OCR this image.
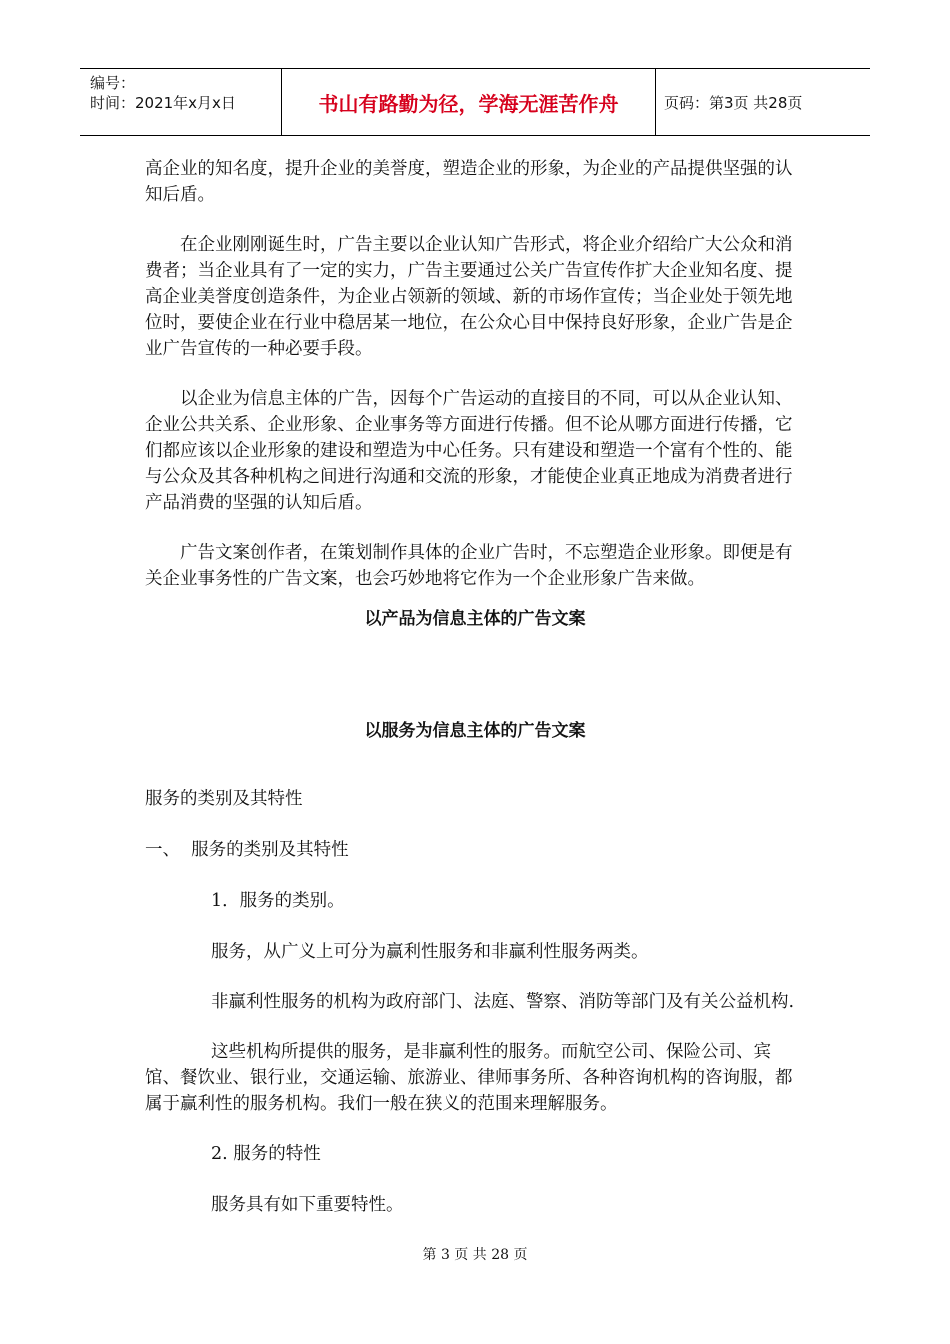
编号：
时间：2021年x月x日	书山有路勤为径，学海无涯苦作舟	页码：第3页 共28页

高企业的知名度，提升企业的美誉度，塑造企业的形象，为企业的产品提供坚强的认知后盾。

在企业刚刚诞生时，广告主要以企业认知广告形式，将企业介绍给广大公众和消费者；当企业具有了一定的实力，广告主要通过公关广告宣传作扩大企业知名度、提高企业美誉度创造条件，为企业占领新的领域、新的市场作宣传；当企业处于领先地位时，要使企业在行业中稳居某一地位，在公众心目中保持良好形象，企业广告是企业广告宣传的一种必要手段。

以企业为信息主体的广告，因每个广告运动的直接目的不同，可以从企业认知、企业公共关系、企业形象、企业事务等方面进行传播。但不论从哪方面进行传播，它们都应该以企业形象的建设和塑造为中心任务。只有建设和塑造一个富有个性的、能与公众及其各种机构之间进行沟通和交流的形象，才能使企业真正地成为消费者进行产品消费的坚强的认知后盾。

广告文案创作者，在策划制作具体的企业广告时，不忘塑造企业形象。即便是有关企业事务性的广告文案，也会巧妙地将它作为一个企业形象广告来做。

以产品为信息主体的广告文案

以服务为信息主体的广告文案

服务的类别及其特性

一、  服务的类别及其特性

1．服务的类别。

服务，从广义上可分为赢利性服务和非赢利性服务两类。

非赢利性服务的机构为政府部门、法庭、警察、消防等部门及有关公益机构.

这些机构所提供的服务，是非赢利性的服务。而航空公司、保险公司、宾馆、餐饮业、银行业，交通运输、旅游业、律师事务所、各种咨询机构的咨询服，都属于赢利性的服务机构。我们一般在狭义的范围来理解服务。

2. 服务的特性

服务具有如下重要特性。

第 3 页 共 28 页
